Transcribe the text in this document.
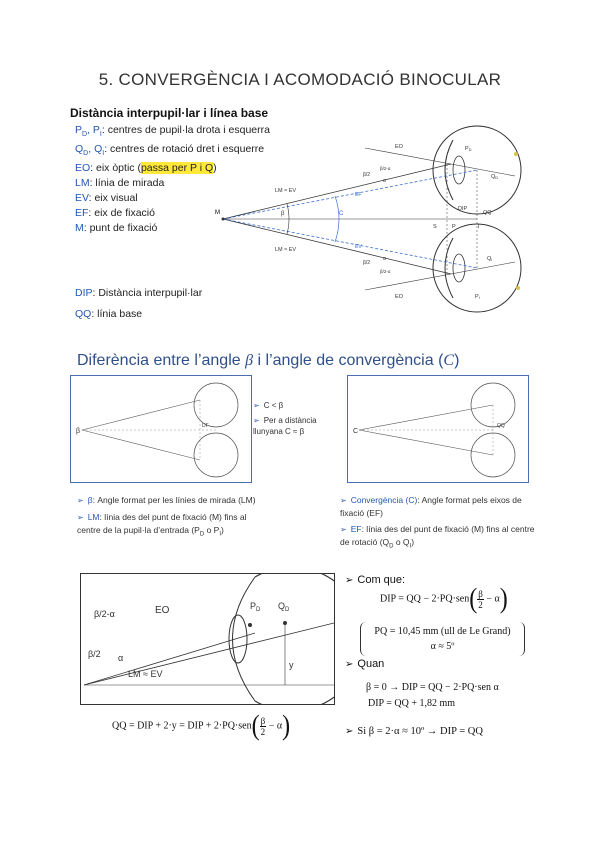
5. CONVERGÈNCIA I ACOMODACIÓ BINOCULAR
Distància interpupil·lar i línea base
$P_D$, $P_I$: centres de pupil·la drota i esquerra
$Q_D$, $Q_I$: centres de rotació dret i esquerre
EO: eix òptic (passa per P i Q)
LM: línia de mirada
EV: eix visual
EF: eix de fixació
M: punt de fixació
DIP: Distància interpupil·lar
QQ: línia base
M	β	C
LM ≈ EV
LM ≈ EV
EO
EO
β/2
β/2
β/2-α
β/2-α
α
α
EF
EV
DIP
QQ
S	P	T
QD
QI
PD
PI
Diferència entre l’angle β i l’angle de convergència (C)
β
DF
➢ C < β
➢ Per a distància llunyana C ≈ β	C
QQ
➢ β: Angle format per les línies de mirada (LM)
➢ LM: línia des del punt de fixació (M) fins al centre de la pupil·la d’entrada ($P_D$ o $P_I$)
➢ Convergència (C): Angle format pels eixos de fixació (EF)
➢ EF: línia des del punt de fixació (M) fins al centre de rotació ($Q_D$ o $Q_I$)
β/2-α	EO
β/2 α
LM ≈ EV
$P_D$ $Q_D$
y
QQ = DIP + 2·y = DIP + $2\cdot PQ\cdot sen( \frac{\beta}{2} - \alpha)$
➢ Com que:
DIP = QQ − $2\cdot PQ\cdot sen( \frac{\beta}{2} - \alpha)$
PQ = 10,45 mm (ull de Le Grand)
α ≈ 5º
➢ Quan
β = 0 → DIP = QQ − 2·PQ·sen α
DIP = QQ + 1,82 mm
➢ Si β = 2·α ≈ 10º → DIP = QQ
